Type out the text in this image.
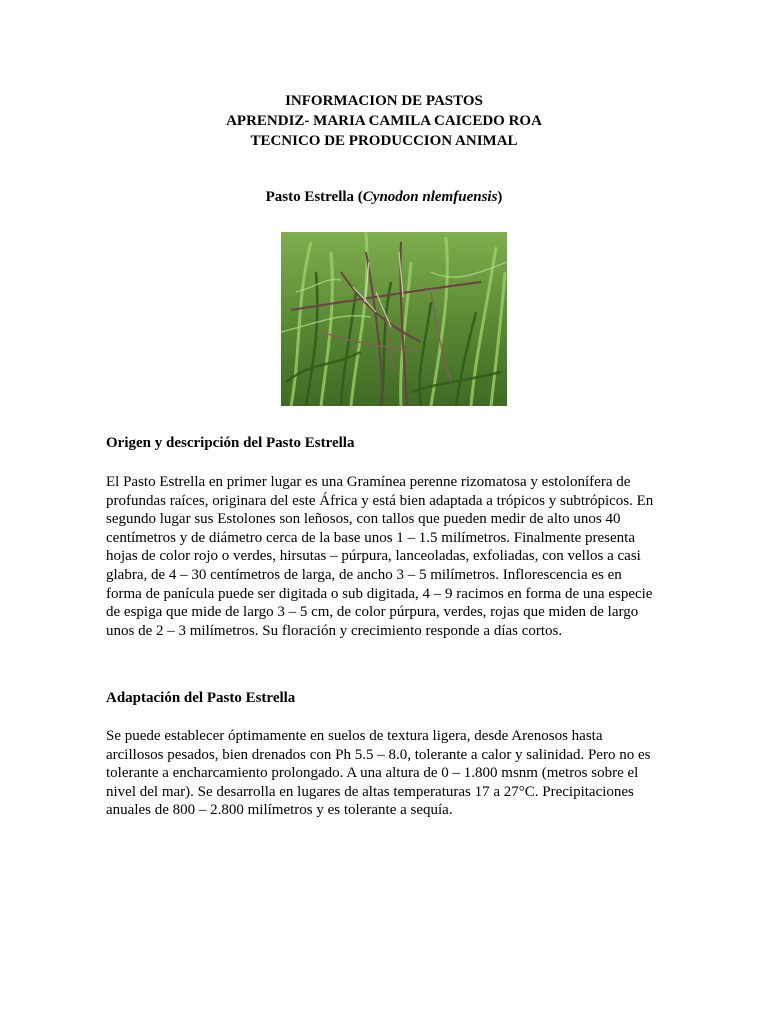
INFORMACION DE PASTOS
APRENDIZ- MARIA CAMILA CAICEDO ROA
TECNICO DE PRODUCCION ANIMAL
Pasto Estrella (Cynodon nlemfuensis)
Origen y descripción del Pasto Estrella
El Pasto Estrella en primer lugar es una Gramínea perenne rizomatosa y estolonífera de
profundas raíces, originara del este África y está bien adaptada a trópicos y subtrópicos. En
segundo lugar sus Estolones son leñosos, con tallos que pueden medir de alto unos 40
centímetros y de diámetro cerca de la base unos 1 – 1.5 milímetros. Finalmente presenta
hojas de color rojo o verdes, hirsutas – púrpura, lanceoladas, exfoliadas, con vellos a casi
glabra, de 4 – 30 centímetros de larga, de ancho 3 – 5 milímetros. Inflorescencia es en
forma de panícula puede ser digitada o sub digitada, 4 – 9 racimos en forma de una especie
de espiga que mide de largo 3 – 5 cm, de color púrpura, verdes, rojas que miden de largo
unos de 2 – 3 milímetros. Su floración y crecimiento responde a días cortos.
Adaptación del Pasto Estrella
Se puede establecer óptimamente en suelos de textura ligera, desde Arenosos hasta
arcillosos pesados, bien drenados con Ph 5.5 – 8.0, tolerante a calor y salinidad. Pero no es
tolerante a encharcamiento prolongado. A una altura de 0 – 1.800 msnm (metros sobre el
nivel del mar). Se desarrolla en lugares de altas temperaturas 17 a 27°C. Precipitaciones
anuales de 800 – 2.800 milímetros y es tolerante a sequía.
